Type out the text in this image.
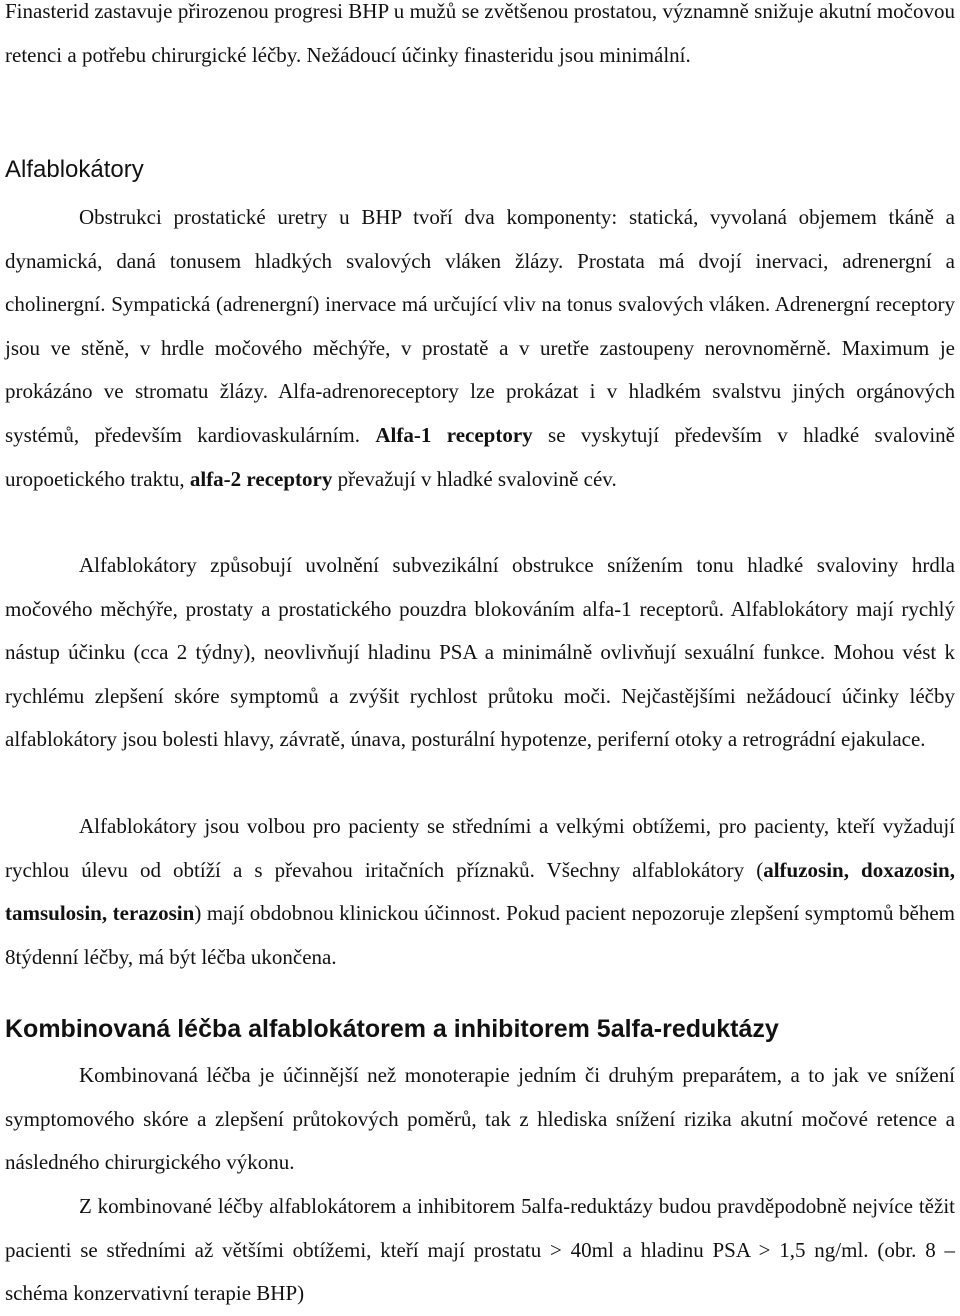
Finasterid zastavuje přirozenou progresi BHP u mužů se zvětšenou prostatou, významně snižuje akutní močovou retenci a potřebu chirurgické léčby. Nežádoucí účinky finasteridu jsou minimální.

Alfablokátory

Obstrukci prostatické uretry u BHP tvoří dva komponenty: statická, vyvolaná objemem tkáně a dynamická, daná tonusem hladkých svalových vláken žlázy. Prostata má dvojí inervaci, adrenergní a cholinergní. Sympatická (adrenergní) inervace má určující vliv na tonus svalových vláken. Adrenergní receptory jsou ve stěně, v hrdle močového měchýře, v prostatě a v uretře zastoupeny nerovnoměrně. Maximum je prokázáno ve stromatu žlázy. Alfa-adrenoreceptory lze prokázat i v hladkém svalstvu jiných orgánových systémů, především kardiovaskulárním. Alfa-1 receptory se vyskytují především v hladké svalovině uropoetického traktu, alfa-2 receptory převažují v hladké svalovině cév.

Alfablokátory způsobují uvolnění subvezikální obstrukce snížením tonu hladké svaloviny hrdla močového měchýře, prostaty a prostatického pouzdra blokováním alfa-1 receptorů. Alfablokátory mají rychlý nástup účinku (cca 2 týdny), neovlivňují hladinu PSA a minimálně ovlivňují sexuální funkce. Mohou vést k rychlému zlepšení skóre symptomů a zvýšit rychlost průtoku moči. Nejčastějšími nežádoucí účinky léčby alfablokátory jsou bolesti hlavy, závratě, únava, posturální hypotenze, periferní otoky a retrográdní ejakulace.

Alfablokátory jsou volbou pro pacienty se středními a velkými obtížemi, pro pacienty, kteří vyžadují rychlou úlevu od obtíží a s převahou iritačních příznaků. Všechny alfablokátory (alfuzosin, doxazosin, tamsulosin, terazosin) mají obdobnou klinickou účinnost. Pokud pacient nepozoruje zlepšení symptomů během 8týdenní léčby, má být léčba ukončena.

Kombinovaná léčba alfablokátorem a inhibitorem 5alfa-reduktázy

Kombinovaná léčba je účinnější než monoterapie jedním či druhým preparátem, a to jak ve snížení symptomového skóre a zlepšení průtokových poměrů, tak z hlediska snížení rizika akutní močové retence a následného chirurgického výkonu.

Z kombinované léčby alfablokátorem a inhibitorem 5alfa-reduktázy budou pravděpodobně nejvíce těžit pacienti se středními až většími obtížemi, kteří mají prostatu > 40ml a hladinu PSA > 1,5 ng/ml. (obr. 8 – schéma konzervativní terapie BHP)
